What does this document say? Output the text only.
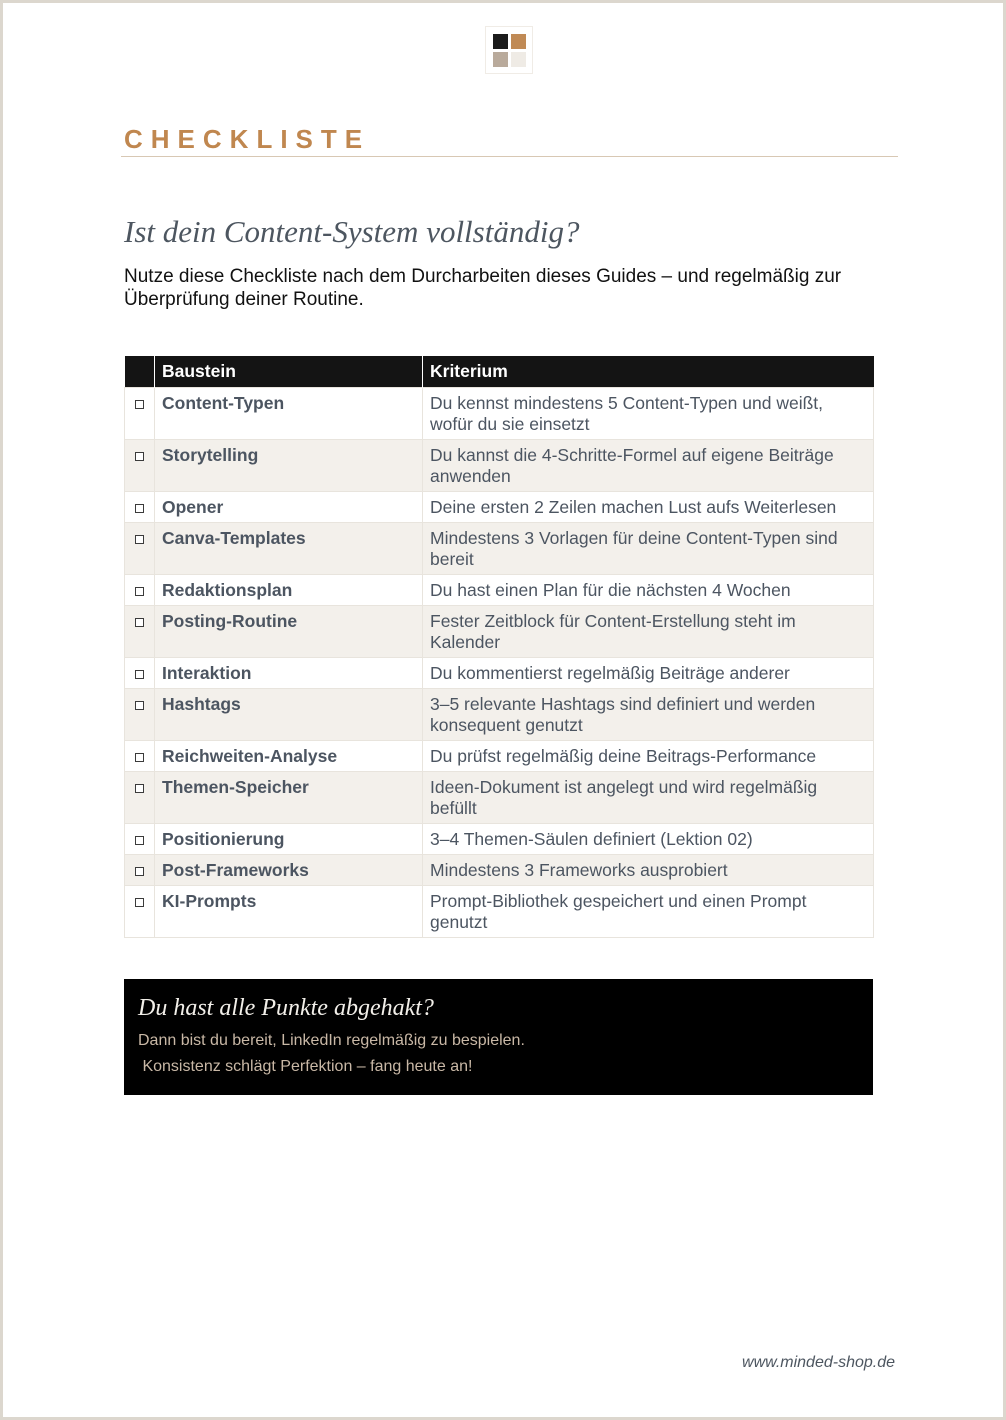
CHECKLISTE
Ist dein Content-System vollständig?
Nutze diese Checkliste nach dem Durcharbeiten dieses Guides – und regelmäßig zur Überprüfung deiner Routine.
	Baustein	Kriterium
	Content-Typen	Du kennst mindestens 5 Content-Typen und weißt, wofür du sie einsetzt
	Storytelling	Du kannst die 4-Schritte-Formel auf eigene Beiträge anwenden
	Opener	Deine ersten 2 Zeilen machen Lust aufs Weiterlesen
	Canva-Templates	Mindestens 3 Vorlagen für deine Content-Typen sind bereit
	Redaktionsplan	Du hast einen Plan für die nächsten 4 Wochen
	Posting-Routine	Fester Zeitblock für Content-Erstellung steht im Kalender
	Interaktion	Du kommentierst regelmäßig Beiträge anderer
	Hashtags	3–5 relevante Hashtags sind definiert und werden konsequent genutzt
	Reichweiten-Analyse	Du prüfst regelmäßig deine Beitrags-Performance
	Themen-Speicher	Ideen-Dokument ist angelegt und wird regelmäßig befüllt
	Positionierung	3–4 Themen-Säulen definiert (Lektion 02)
	Post-Frameworks	Mindestens 3 Frameworks ausprobiert
	KI-Prompts	Prompt-Bibliothek gespeichert und einen Prompt genutzt
Du hast alle Punkte abgehakt?
Dann bist du bereit, LinkedIn regelmäßig zu bespielen.
Konsistenz schlägt Perfektion – fang heute an!
www.minded-shop.de
